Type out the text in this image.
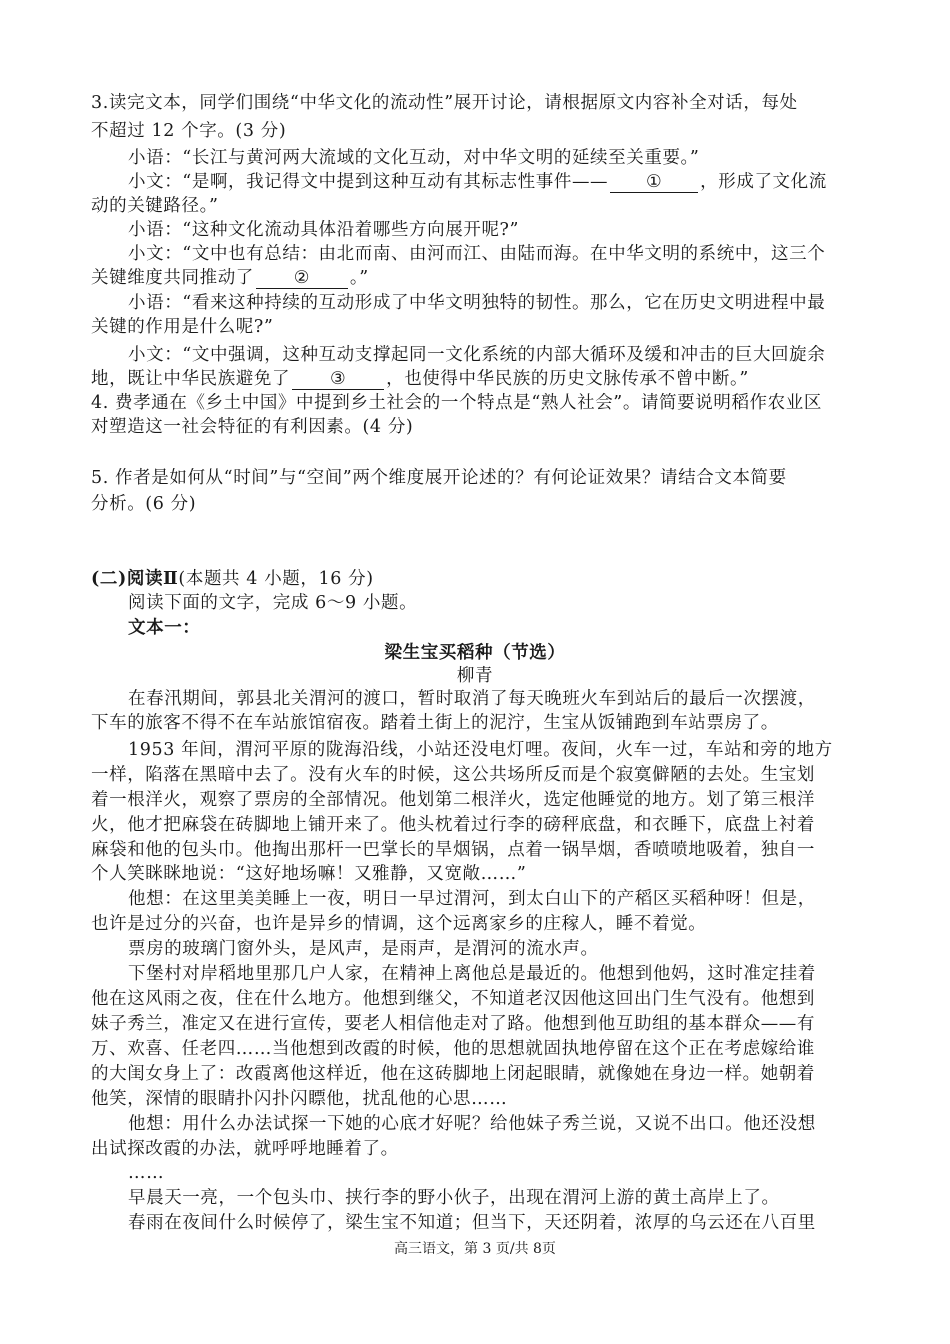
3.读完文本，同学们围绕“中华文化的流动性”展开讨论，请根据原文内容补全对话，每处
不超过 12 个字。(3 分)
小语：“长江与黄河两大流域的文化互动，对中华文明的延续至关重要。”
小文：“是啊，我记得文中提到这种互动有其标志性事件—— ① ，形成了文化流
动的关键路径。”
小语：“这种文化流动具体沿着哪些方向展开呢?”
小文：“文中也有总结：由北而南、由河而江、由陆而海。在中华文明的系统中，这三个
关键维度共同推动了 ② 。”
小语：“看来这种持续的互动形成了中华文明独特的韧性。那么，它在历史文明进程中最
关键的作用是什么呢?”
小文：“文中强调，这种互动支撑起同一文化系统的内部大循环及缓和冲击的巨大回旋余
地，既让中华民族避免了 ③ ，也使得中华民族的历史文脉传承不曾中断。”
4. 费孝通在《乡土中国》中提到乡土社会的一个特点是“熟人社会”。请简要说明稻作农业区
对塑造这一社会特征的有利因素。(4 分)
5. 作者是如何从“时间”与“空间”两个维度展开论述的？有何论证效果？请结合文本简要
分析。(6 分)
(二)阅读Ⅱ(本题共 4 小题，16 分)
阅读下面的文字，完成 6～9 小题。
文本一：
梁生宝买稻种（节选）
柳青
在春汛期间，郭县北关渭河的渡口，暂时取消了每天晚班火车到站后的最后一次摆渡，
下车的旅客不得不在车站旅馆宿夜。踏着土街上的泥泞，生宝从饭铺跑到车站票房了。
1953 年间，渭河平原的陇海沿线，小站还没电灯哩。夜间，火车一过，车站和旁的地方
一样，陷落在黑暗中去了。没有火车的时候，这公共场所反而是个寂寞僻陋的去处。生宝划
着一根洋火，观察了票房的全部情况。他划第二根洋火，选定他睡觉的地方。划了第三根洋
火，他才把麻袋在砖脚地上铺开来了。他头枕着过行李的磅秤底盘，和衣睡下，底盘上衬着
麻袋和他的包头巾。他掏出那杆一巴掌长的旱烟锅，点着一锅旱烟，香喷喷地吸着，独自一
个人笑眯眯地说：“这好地场嘛！又雅静，又宽敞……”
他想：在这里美美睡上一夜，明日一早过渭河，到太白山下的产稻区买稻种呀！但是，
也许是过分的兴奋，也许是异乡的情调，这个远离家乡的庄稼人，睡不着觉。
票房的玻璃门窗外头，是风声，是雨声，是渭河的流水声。
下堡村对岸稻地里那几户人家，在精神上离他总是最近的。他想到他妈，这时准定挂着
他在这风雨之夜，住在什么地方。他想到继父，不知道老汉因他这回出门生气没有。他想到
妹子秀兰，准定又在进行宣传，要老人相信他走对了路。他想到他互助组的基本群众——有
万、欢喜、任老四……当他想到改霞的时候，他的思想就固执地停留在这个正在考虑嫁给谁
的大闺女身上了：改霞离他这样近，他在这砖脚地上闭起眼睛，就像她在身边一样。她朝着
他笑，深情的眼睛扑闪扑闪瞟他，扰乱他的心思……
他想：用什么办法试探一下她的心底才好呢？给他妹子秀兰说，又说不出口。他还没想
出试探改霞的办法，就呼呼地睡着了。
……
早晨天一亮，一个包头巾、挟行李的野小伙子，出现在渭河上游的黄土高岸上了。
春雨在夜间什么时候停了，梁生宝不知道；但当下，天还阴着，浓厚的乌云还在八百里
高三语文，第 3 页/共 8页
